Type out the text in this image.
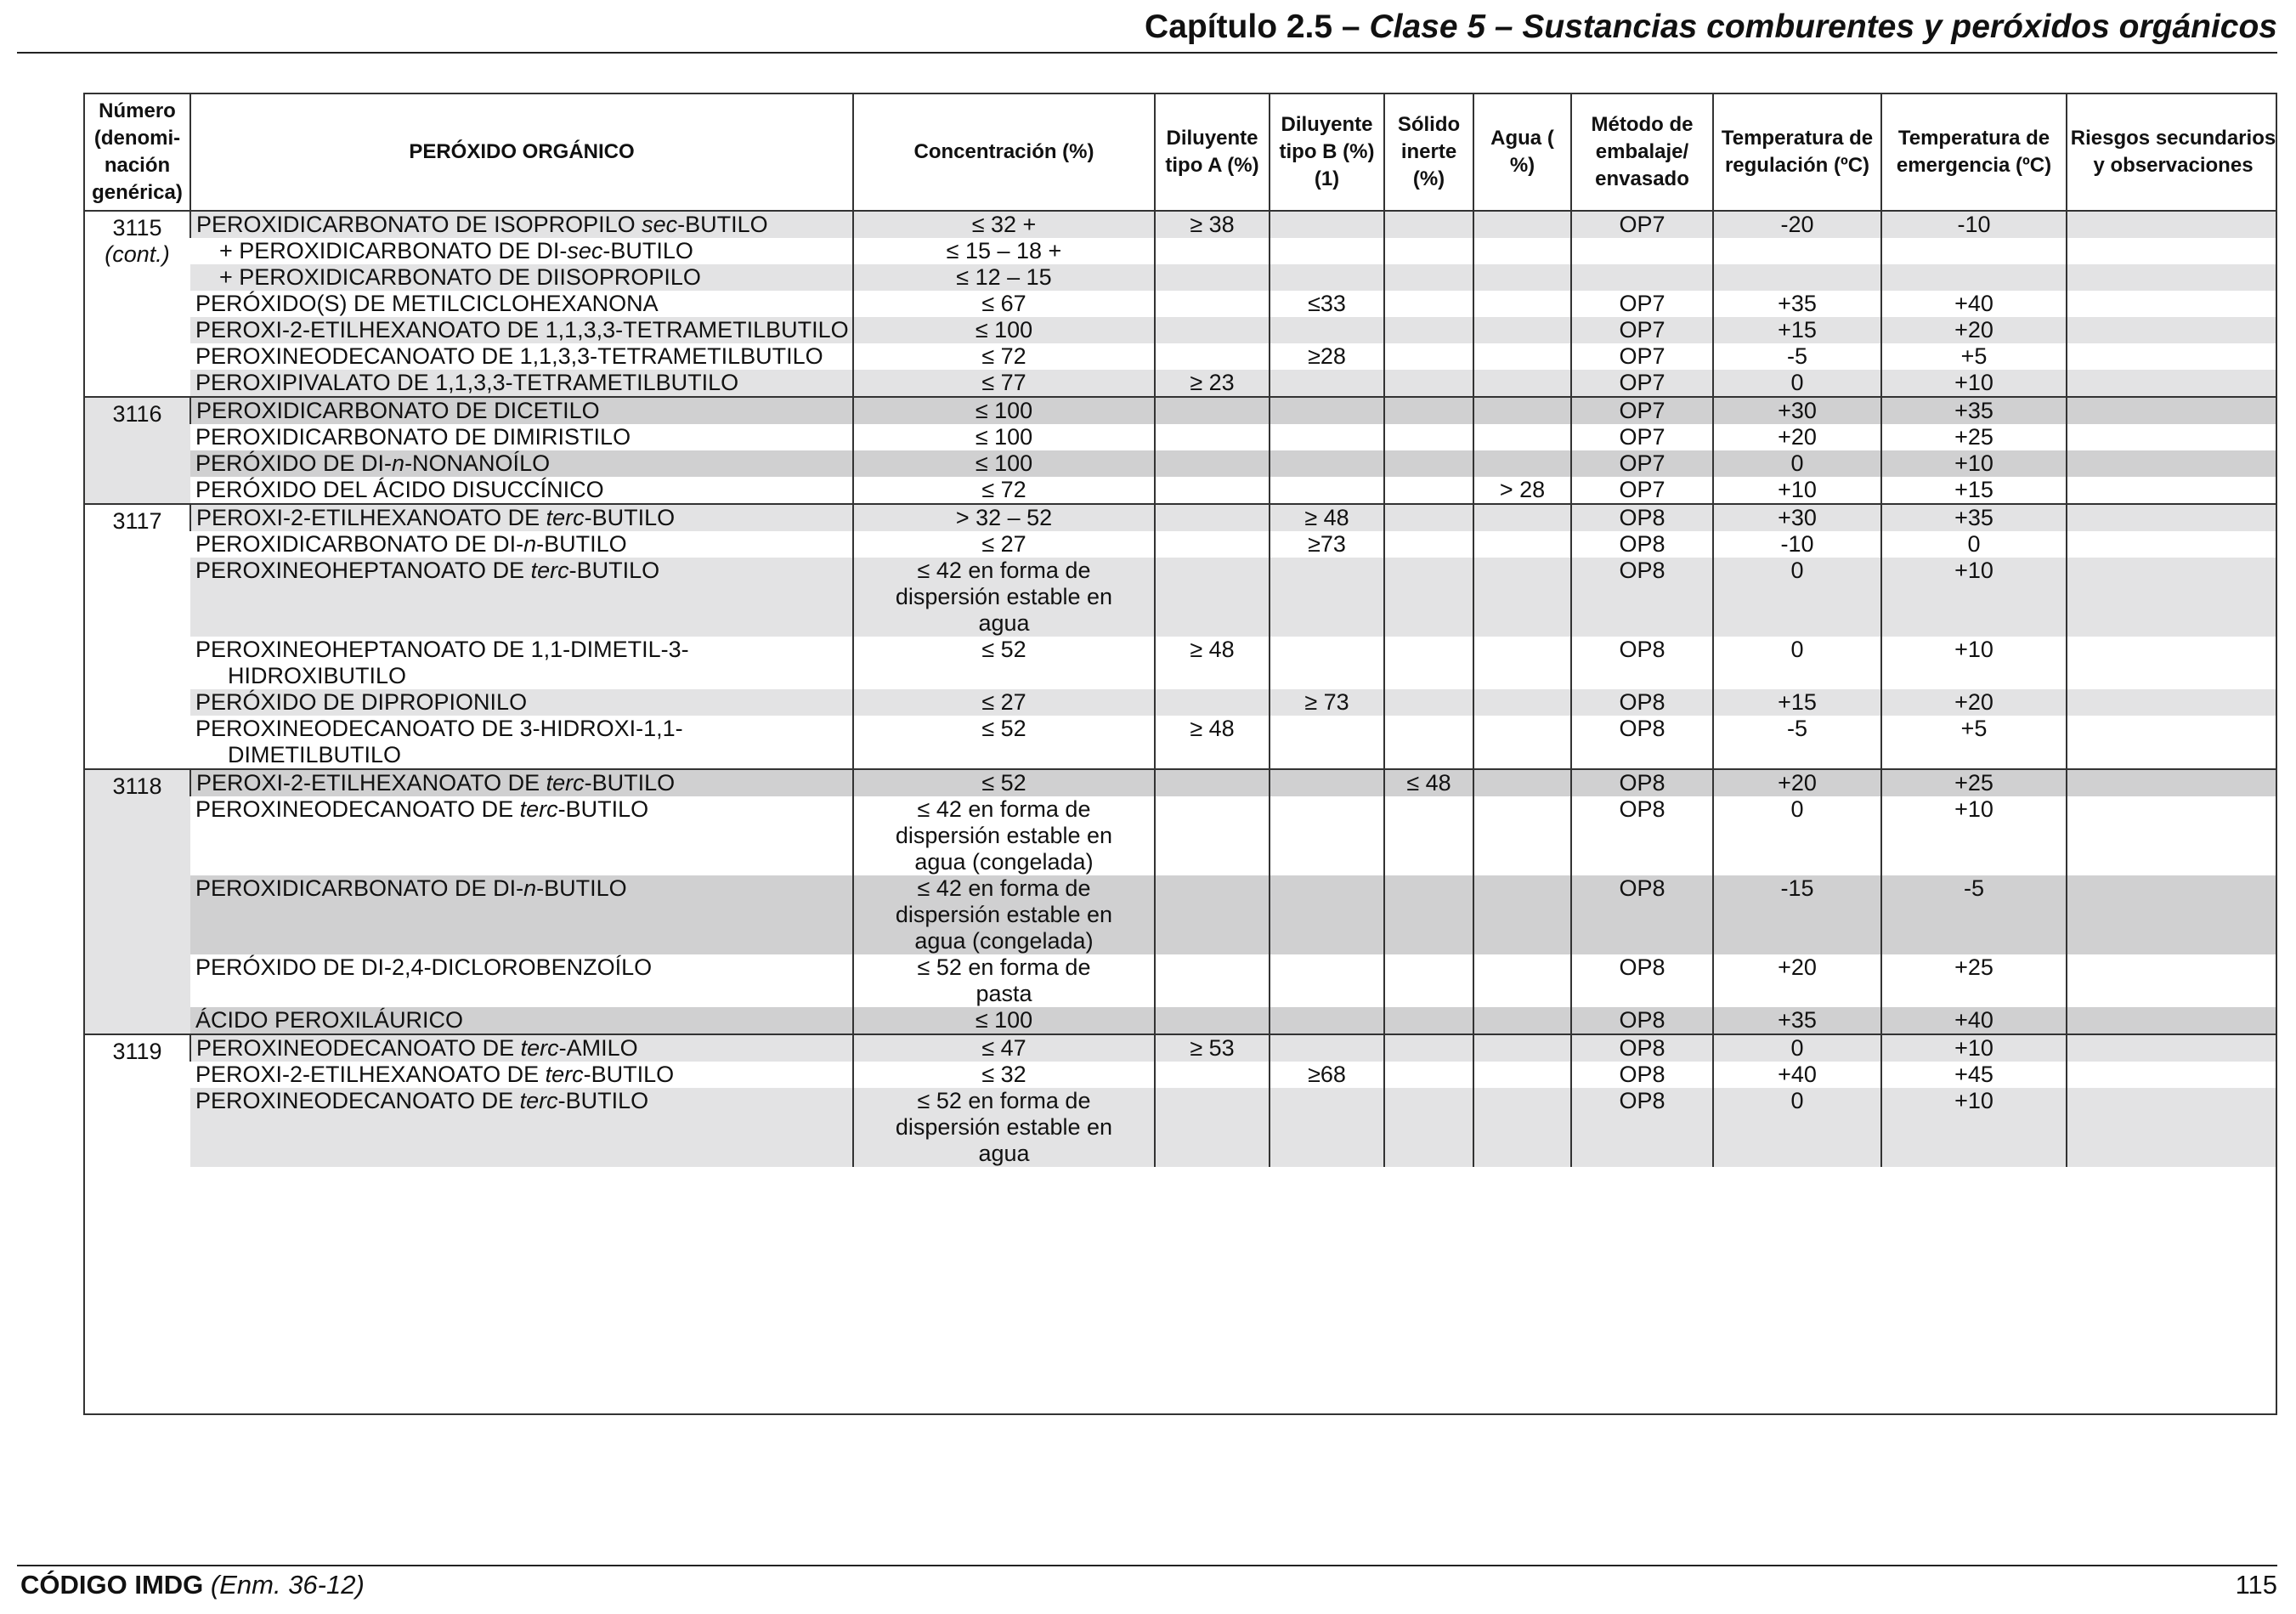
Capítulo 2.5 – Clase 5 – Sustancias comburentes y peróxidos orgánicos
Número (denomi- nación genérica)	PERÓXIDO ORGÁNICO	Concentración (%)	Diluyente tipo A (%)	Diluyente tipo B (%) (1)	Sólido inerte (%)	Agua ( %)	Método de embalaje/ envasado	Temperatura de regulación (ºC)	Temperatura de emergencia (ºC)	Riesgos secundarios y observaciones
3115
(cont.)	PEROXIDICARBONATO DE ISOPROPILO sec-BUTILO	≤ 32 +	≥ 38				OP7	-20	-10	
	+ PEROXIDICARBONATO DE DI-sec-BUTILO	≤ 15 – 18 +								
	+ PEROXIDICARBONATO DE DIISOPROPILO	≤ 12 – 15								

	PERÓXIDO(S) DE METILCICLOHEXANONA	≤ 67		≤33			OP7	+35	+40	

	PEROXI-2-ETILHEXANOATO DE 1,1,3,3-TETRAMETILBUTILO	≤ 100					OP7	+15	+20	

	PEROXINEODECANOATO DE 1,1,3,3-TETRAMETILBUTILO	≤ 72		≥28			OP7	-5	+5	

	PEROXIPIVALATO DE 1,1,3,3-TETRAMETILBUTILO	≤ 77	≥ 23				OP7	0	+10	
3116	PEROXIDICARBONATO DE DICETILO	≤ 100					OP7	+30	+35	

	PEROXIDICARBONATO DE DIMIRISTILO	≤ 100					OP7	+20	+25	

	PERÓXIDO DE DI-n-NONANOÍLO	≤ 100					OP7	0	+10	

	PERÓXIDO DEL ÁCIDO DISUCCÍNICO	≤ 72				> 28	OP7	+10	+15	
3117	PEROXI-2-ETILHEXANOATO DE terc-BUTILO	> 32 – 52		≥ 48			OP8	+30	+35	

	PEROXIDICARBONATO DE DI-n-BUTILO	≤ 27		≥73			OP8	-10	0	

	PEROXINEOHEPTANOATO DE terc-BUTILO	≤ 42 en forma de dispersión estable en agua					OP8	0	+10	

	PEROXINEOHEPTANOATO DE 1,1-DIMETIL-3-HIDROXIBUTILO	≤ 52	≥ 48				OP8	0	+10	

	PERÓXIDO DE DIPROPIONILO	≤ 27		≥ 73			OP8	+15	+20	

	PEROXINEODECANOATO DE 3-HIDROXI-1,1-DIMETILBUTILO	≤ 52	≥ 48				OP8	-5	+5	
3118	PEROXI-2-ETILHEXANOATO DE terc-BUTILO	≤ 52			≤ 48		OP8	+20	+25	

	PEROXINEODECANOATO DE terc-BUTILO	≤ 42 en forma de dispersión estable en agua (congelada)					OP8	0	+10	

	PEROXIDICARBONATO DE DI-n-BUTILO	≤ 42 en forma de dispersión estable en agua (congelada)					OP8	-15	-5	

	PERÓXIDO DE DI-2,4-DICLOROBENZOÍLO	≤ 52 en forma de pasta					OP8	+20	+25	

	ÁCIDO PEROXILÁURICO	≤ 100					OP8	+35	+40	
3119	PEROXINEODECANOATO DE terc-AMILO	≤ 47	≥ 53				OP8	0	+10	

	PEROXI-2-ETILHEXANOATO DE terc-BUTILO	≤ 32		≥68			OP8	+40	+45	

	PEROXINEODECANOATO DE terc-BUTILO	≤ 52 en forma de dispersión estable en agua					OP8	0	+10	
CÓDIGO IMDG (Enm. 36-12)	115
